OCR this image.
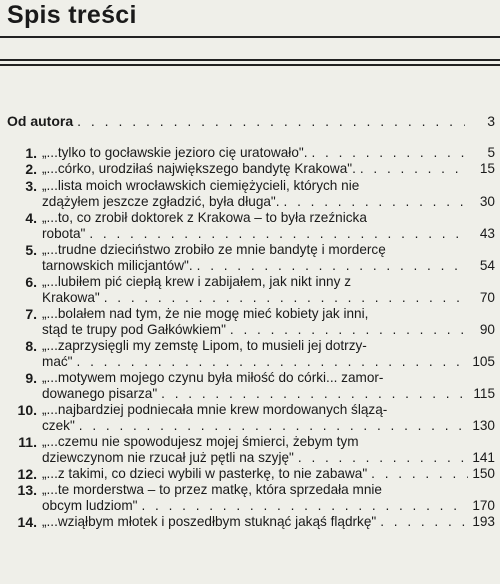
Spis treści
Od autora . . .	3
1. „...tylko to gocławskie jezioro cię uratowało". . . .	5
2. „...córko, urodziłaś największego bandytę Krakowa". . . .	15
3. „...lista moich wrocławskich ciemiężycieli, których nie
zdążyłem jeszcze zgładzić, była długa". . . .	30
4. „...to, co zrobił doktorek z Krakowa – to była rzeźnicka
robota" . . .	43
5. „...trudne dzieciństwo zrobiło ze mnie bandytę i mordercę
tarnowskich milicjantów". . . .	54
6. „...lubiłem pić ciepłą krew i zabijałem, jak nikt inny z
Krakowa" . . .	70
7. „...bolałem nad tym, że nie mogę mieć kobiety jak inni,
stąd te trupy pod Gałkówkiem" . . .	90
8. „...zaprzysięgli my zemstę Lipom, to musieli jej dotrzy-
mać" . . .	105
9. „...motywem mojego czynu była miłość do córki... zamor-
dowanego pisarza" . . .	115
10. „...najbardziej podniecała mnie krew mordowanych ślązą-
czek" . . .	130
11. „...czemu nie spowodujesz mojej śmierci, żebym tym
dziewczynom nie rzucał już pętli na szyję" . . .	141
12. „...z takimi, co dzieci wybili w pasterkę, to nie zabawa" . . .	150
13. „...te morderstwa – to przez matkę, która sprzedała mnie
obcym ludziom" . . .	170
14. „...wziąłbym młotek i poszedłbym stuknąć jakąś flądrkę" . . .	193
